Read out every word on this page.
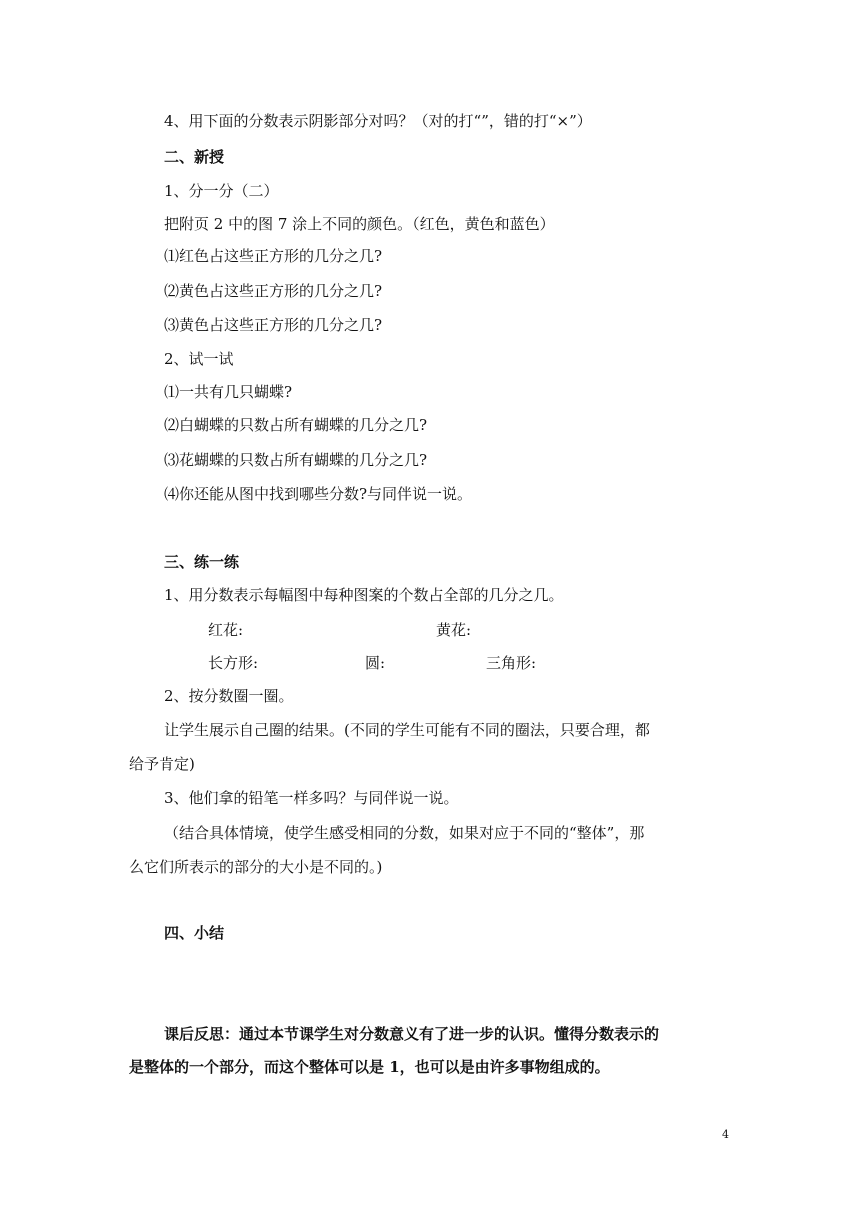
4、用下面的分数表示阴影部分对吗？（对的打“”，错的打“×”）
二、新授
1、分一分（二）
把附页 2 中的图 7 涂上不同的颜色。（红色，黄色和蓝色）
⑴红色占这些正方形的几分之几?
⑵黄色占这些正方形的几分之几?
⑶黄色占这些正方形的几分之几?
2、试一试
⑴一共有几只蝴蝶?
⑵白蝴蝶的只数占所有蝴蝶的几分之几?
⑶花蝴蝶的只数占所有蝴蝶的几分之几?
⑷你还能从图中找到哪些分数?与同伴说一说。
三、练一练
1、用分数表示每幅图中每种图案的个数占全部的几分之几。
红花:	黄花:
长方形:	圆:	三角形:
2、按分数圈一圈。
让学生展示自己圈的结果。(不同的学生可能有不同的圈法，只要合理，都
给予肯定)
3、他们拿的铅笔一样多吗？与同伴说一说。
（结合具体情境，使学生感受相同的分数，如果对应于不同的“整体”，那
么它们所表示的部分的大小是不同的。)
四、小结
课后反思：通过本节课学生对分数意义有了进一步的认识。懂得分数表示的
是整体的一个部分，而这个整体可以是 1，也可以是由许多事物组成的。
4
